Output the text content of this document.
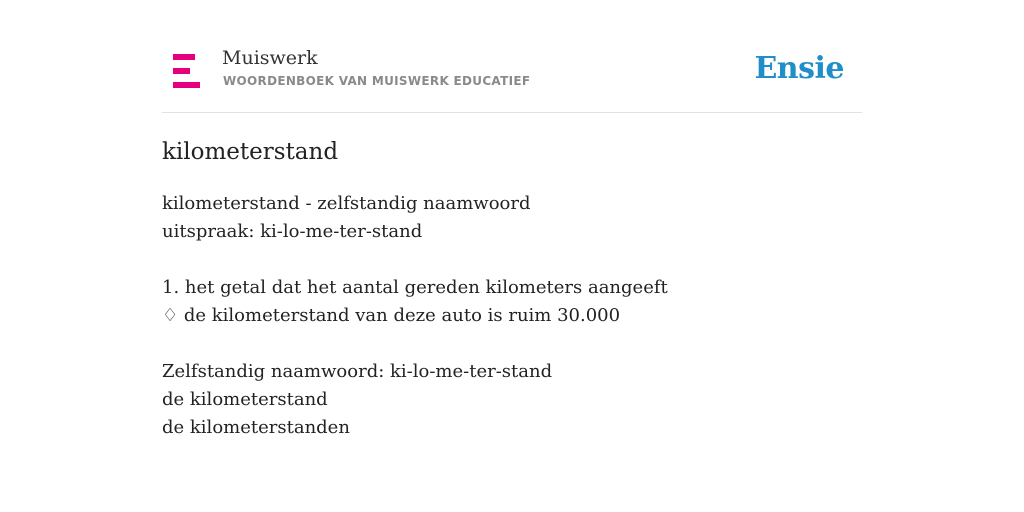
Muiswerk
WOORDENBOEK VAN MUISWERK EDUCATIEF	Ensie
kilometerstand
kilometerstand - zelfstandig naamwoord
uitspraak: ki-lo-me-ter-stand
1. het getal dat het aantal gereden kilometers aangeeft
♢ de kilometerstand van deze auto is ruim 30.000
Zelfstandig naamwoord: ki-lo-me-ter-stand
de kilometerstand
de kilometerstanden
